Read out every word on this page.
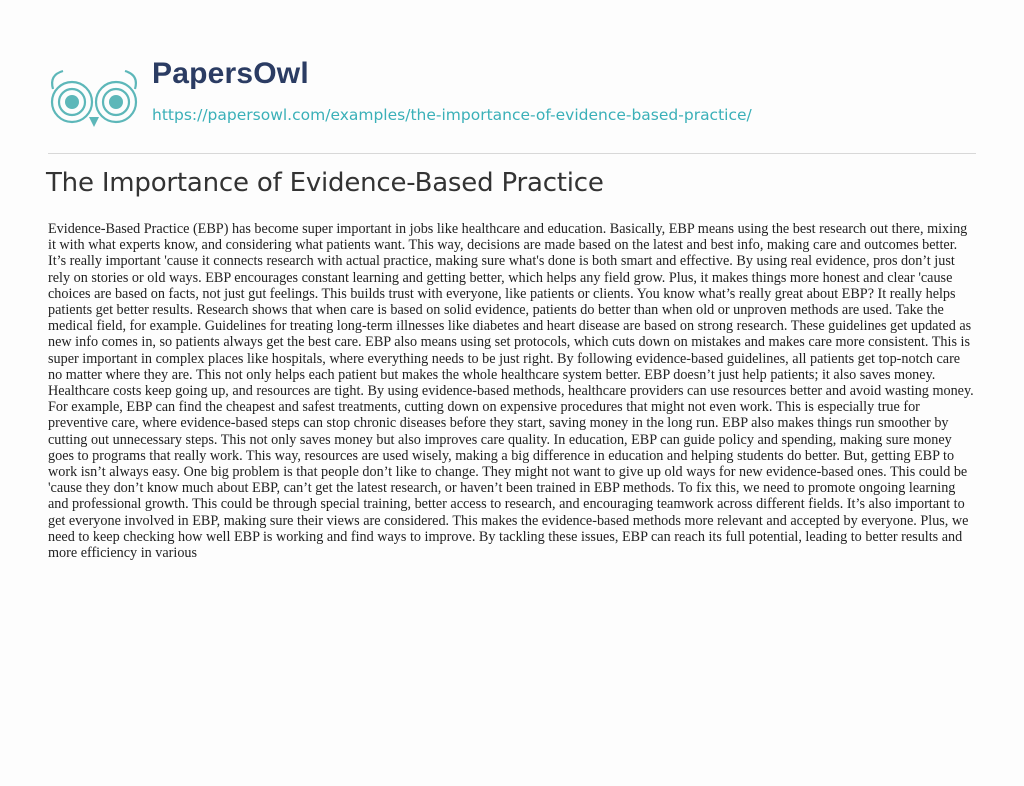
PapersOwl
https://papersowl.com/examples/the-importance-of-evidence-based-practice/
The Importance of Evidence-Based Practice

Evidence-Based Practice (EBP) has become super important in jobs like healthcare and education. Basically, EBP means using the best research out there, mixing it with what experts know, and considering what patients want. This way, decisions are made based on the latest and best info, making care and outcomes better. It’s really important 'cause it connects research with actual practice, making sure what's done is both smart and effective. By using real evidence, pros don’t just rely on stories or old ways. EBP encourages constant learning and getting better, which helps any field grow. Plus, it makes things more honest and clear 'cause choices are based on facts, not just gut feelings. This builds trust with everyone, like patients or clients. You know what’s really great about EBP? It really helps patients get better results. Research shows that when care is based on solid evidence, patients do better than when old or unproven methods are used. Take the medical field, for example. Guidelines for treating long-term illnesses like diabetes and heart disease are based on strong research. These guidelines get updated as new info comes in, so patients always get the best care. EBP also means using set protocols, which cuts down on mistakes and makes care more consistent. This is super important in complex places like hospitals, where everything needs to be just right. By following evidence-based guidelines, all patients get top-notch care no matter where they are. This not only helps each patient but makes the whole healthcare system better. EBP doesn’t just help patients; it also saves money. Healthcare costs keep going up, and resources are tight. By using evidence-based methods, healthcare providers can use resources better and avoid wasting money. For example, EBP can find the cheapest and safest treatments, cutting down on expensive procedures that might not even work. This is especially true for preventive care, where evidence-based steps can stop chronic diseases before they start, saving money in the long run. EBP also makes things run smoother by cutting out unnecessary steps. This not only saves money but also improves care quality. In education, EBP can guide policy and spending, making sure money goes to programs that really work. This way, resources are used wisely, making a big difference in education and helping students do better. But, getting EBP to work isn’t always easy. One big problem is that people don’t like to change. They might not want to give up old ways for new evidence-based ones. This could be 'cause they don’t know much about EBP, can’t get the latest research, or haven’t been trained in EBP methods. To fix this, we need to promote ongoing learning and professional growth. This could be through special training, better access to research, and encouraging teamwork across different fields. It’s also important to get everyone involved in EBP, making sure their views are considered. This makes the evidence-based methods more relevant and accepted by everyone. Plus, we need to keep checking how well EBP is working and find ways to improve. By tackling these issues, EBP can reach its full potential, leading to better results and more efficiency in various
